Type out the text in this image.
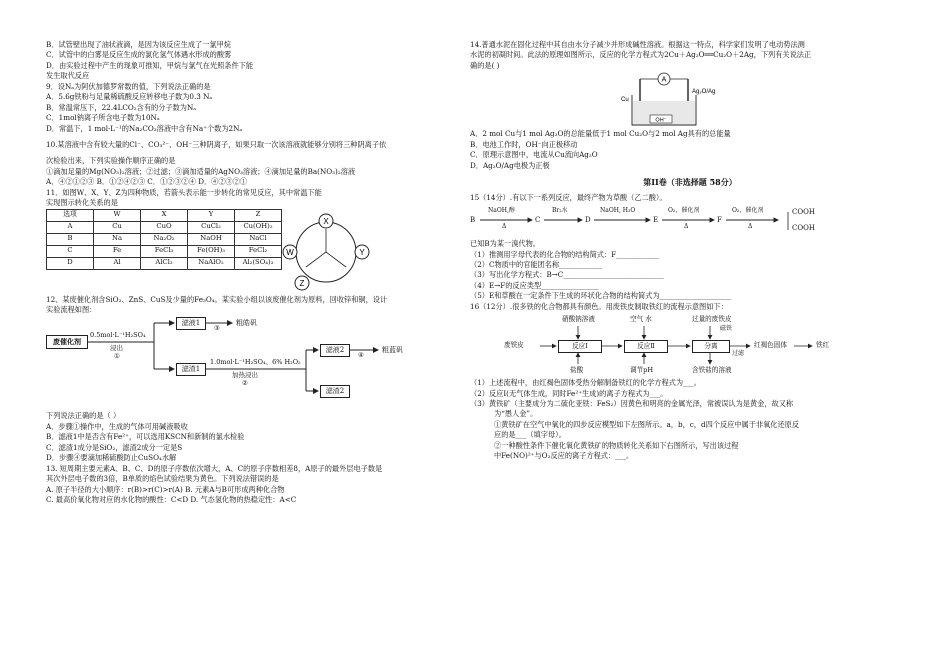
B．试管壁出现了油状液滴，是因为该反应生成了一氯甲烷
C．试管中的白雾是反应生成的氯化氢气体遇水形成的酸雾
D．由实验过程中产生的现象可推知，甲烷与氯气在光照条件下能
发生取代反应
9．设Nₐ为阿伏加德罗常数的值，下列说法正确的是
A．5.6g铁粉与足量稀硫酸反应转移电子数为0.3 Nₐ
B．常温常压下，22.4LCO₂含有的分子数为Nₐ
C．1mol钠离子所含电子数为10Nₐ
D．常温下，1 mol·L⁻¹的Na₂CO₃溶液中含有Na⁺个数为2Nₐ
10.某溶液中含有较大量的Cl⁻、CO₃²⁻、OH⁻三种阴离子，如果只取一次该溶液就能够分别将三种阴离子依
次检验出来，下列实验操作顺序正确的是
①滴加足量的Mg(NO₃)₂溶液；②过滤；③滴加适量的AgNO₃溶液；④滴加足量的Ba(NO₃)₂溶液
A．④②①②③ B．①②④②③ C．①②③②④ D．④②③②①
11．如图W、X、Y、Z为四种物质，若箭头表示能一步转化的常见反应，其中常温下能
实现图示转化关系的是
选项	W	X	Y	Z
A	Cu	CuO	CuCl₂	Cu(OH)₂
B	Na	Na₂O₂	NaOH	NaCl
C	Fe	FeCl₃	Fe(OH)₃	FeCl₂
D	Al	AlCl₃	NaAlO₂	Al₂(SO₄)₃
X
W	Y
Z
12、某废催化剂含SiO₂、ZnS、CuS及少量的Fe₃O₄。某实验小组以该废催化剂为原料，回收锌和铜，设计
实验流程如图：
废催化剂
0.5mol·L⁻¹H₂SO₄
浸出
①
滤液1
③
粗皓矾
滤渣1
1.0mol·L⁻¹H₂SO₄、6% H₂O₂
加热浸出
②
滤液2
④
粗蓝矾
滤渣2
下列说法正确的是（ ）
A．步骤①操作中，生成的气体可用碱液吸收
B．滤液1中是否含有Fe²⁺，可以选用KSCN和新制的氯水检验
C．滤渣1成分是SiO₂，滤渣2成分一定是S
D．步骤④要滴加稀硫酸防止CuSO₄水解
13. 短周期主要元素A、B、C、D的原子序数依次增大，A、C的原子序数相差8，A原子的最外层电子数是
其次外层电子数的3倍，B单质的焰色试验结果为黄色。下列说法错误的是
A. 原子半径的大小顺序：r(B)>r(C)>r(A) B. 元素A与B可形成两种化合物
C. 最高价氧化物对应的水化物的酸性：C<D D. 气态氢化物的热稳定性：A<C
14.普通水泥在固化过程中其自由水分子减少并形成碱性溶液。根据这一特点，科学家们发明了电动势法测
水泥的初凝时间。此法的原理如图所示，反应的化学方程式为2Cu＋Ag₂O══Cu₂O＋2Ag，下列有关说法正
确的是( )
A
Cu
Ag₂O/Ag
OH⁻
A．2 mol Cu与1 mol Ag₂O的总能量低于1 mol Cu₂O与2 mol Ag具有的总能量
B．电池工作时，OH⁻向正极移动
C．原理示意图中，电流从Cu流向Ag₂O
D．Ag₂O/Ag电极为正极
第II卷（非选择题 58分）
15（14分）.有以下一系列反应，最终产物为草酸（乙二酸）。
B
NaOH,醇
Δ
C
Br₂水
D
NaOH, H₂O
E
O₂，催化剂
Δ
F
O₂，催化剂
Δ
COOH
COOH
已知B为某一溴代物。
（1）推测用字母代表的化合物的结构简式：F____________
（2）C物质中的官能团名称____________
（3）写出化学方程式：B→C____________________________
（4）E→F的反应类型________________
（5）E和草酸在一定条件下生成的环状化合物的结构简式为____________________
16（12分）.很多铁的化合物都具有颜色。用废铁皮制取铁红的流程示意图如下：
硝酸钠溶液	空气 水	过量的废铁皮
磁铁
废铁皮	反应Ⅰ	反应Ⅱ	分离
过滤
红褐色固体	铁红
盐酸	调节pH	含铁盐的溶液
（1）上述流程中，由红褐色固体受热分解制备铁红的化学方程式为___。
（2）反应Ⅰ(无气体生成，同时Fe²⁺生成)的离子方程式为___。
（3）黄铁矿（主要成分为二硫化亚铁：FeS₂）因黄色和明亮的金属光泽，常被误认为是黄金，故又称
为“愚人金”。
①黄铁矿在空气中氧化的四步反应模型如下左图所示。a，b，c，d四个反应中属于非氧化还原反
应的是___（填字母）。
②一种酸性条件下催化氧化黄铁矿的物质转化关系如下右图所示，写出该过程
中Fe(NO)²⁺与O₂反应的离子方程式：___。
